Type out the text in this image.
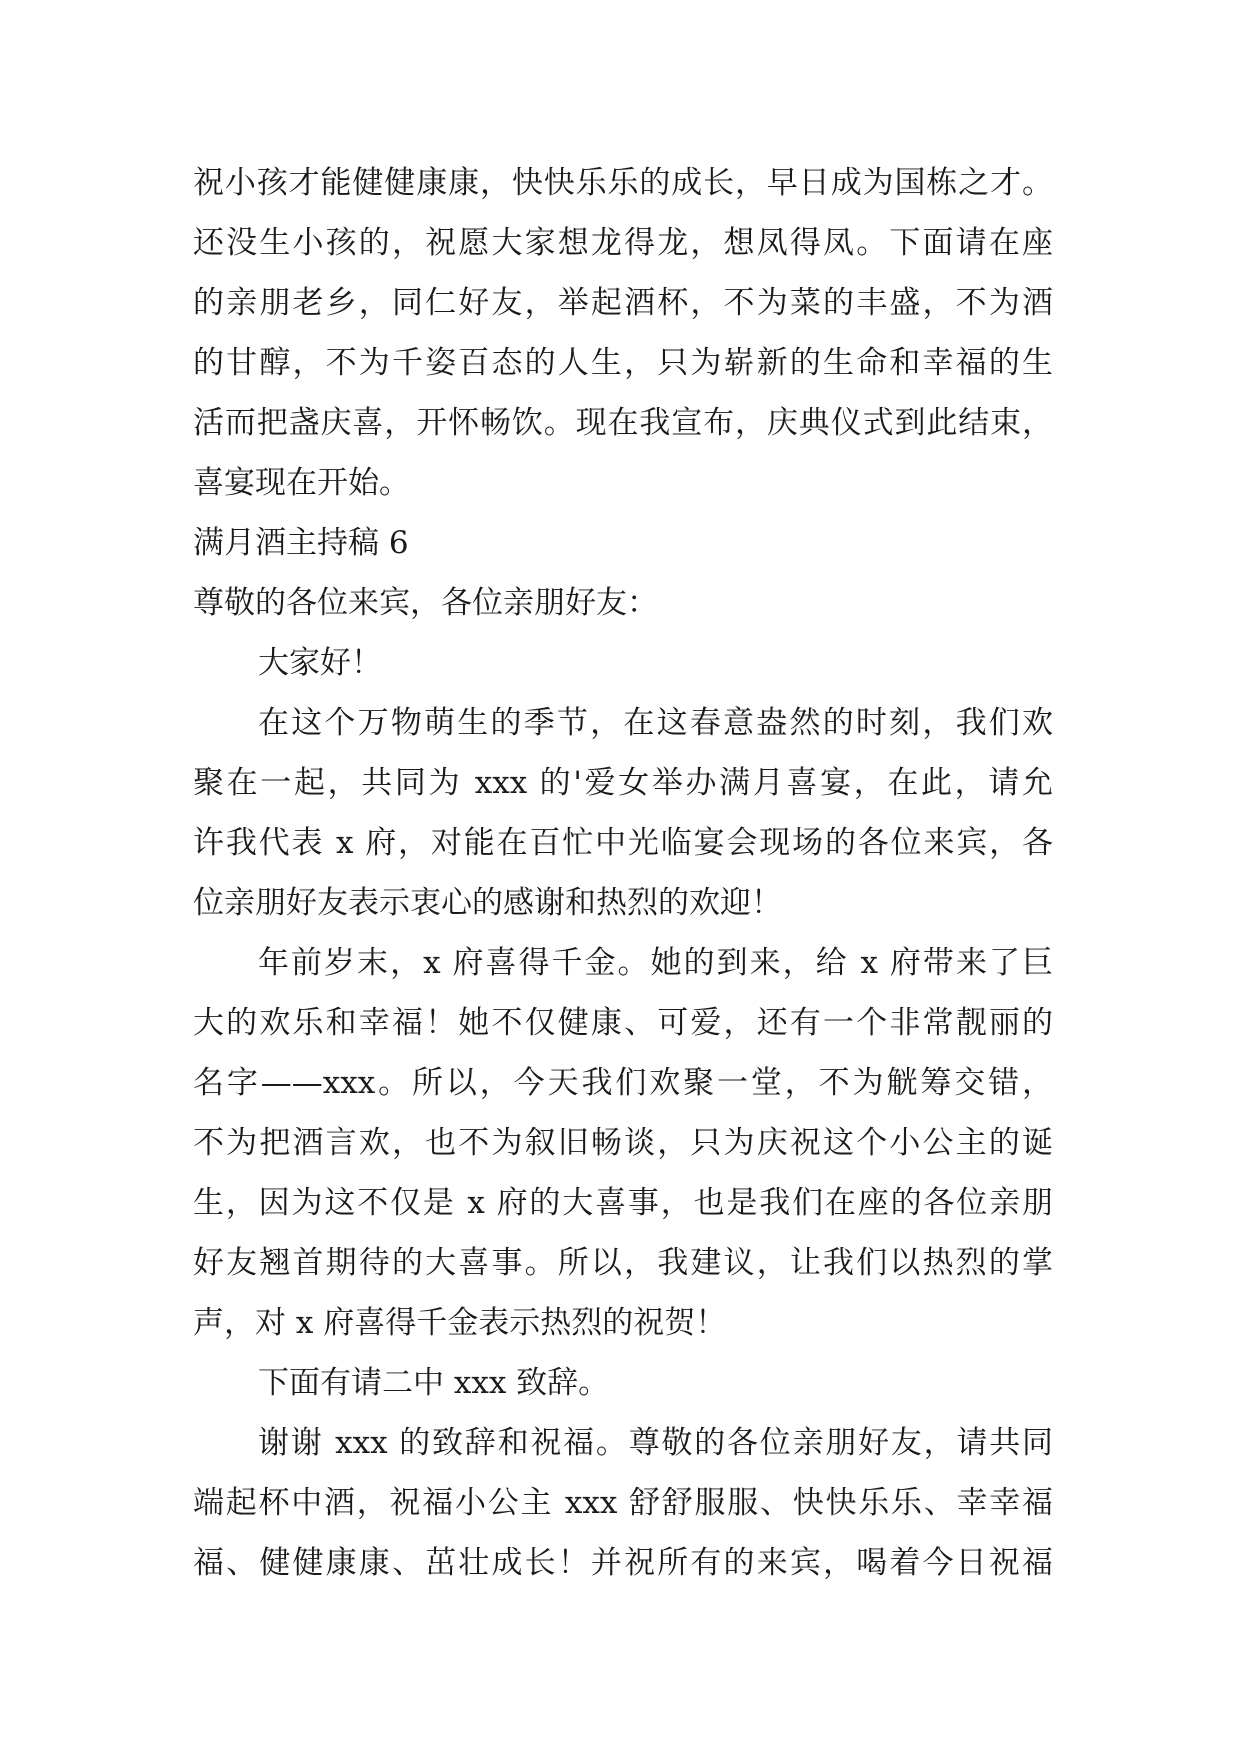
祝小孩才能健健康康，快快乐乐的成长，早日成为国栋之才。
还没生小孩的，祝愿大家想龙得龙，想凤得凤。下面请在座
的亲朋老乡，同仁好友，举起酒杯，不为菜的丰盛，不为酒
的甘醇，不为千姿百态的人生，只为崭新的生命和幸福的生
活而把盏庆喜，开怀畅饮。现在我宣布，庆典仪式到此结束，
喜宴现在开始。
满月酒主持稿 6
尊敬的各位来宾，各位亲朋好友：
大家好！
在这个万物萌生的季节，在这春意盎然的时刻，我们欢
聚在一起，共同为 xxx 的'爱女举办满月喜宴，在此，请允
许我代表 x 府，对能在百忙中光临宴会现场的各位来宾，各
位亲朋好友表示衷心的感谢和热烈的欢迎！
年前岁末，x 府喜得千金。她的到来，给 x 府带来了巨
大的欢乐和幸福！她不仅健康、可爱，还有一个非常靓丽的
名字——xxx。所以，今天我们欢聚一堂，不为觥筹交错，
不为把酒言欢，也不为叙旧畅谈，只为庆祝这个小公主的诞
生，因为这不仅是 x 府的大喜事，也是我们在座的各位亲朋
好友翘首期待的大喜事。所以，我建议，让我们以热烈的掌
声，对 x 府喜得千金表示热烈的祝贺！
下面有请二中 xxx 致辞。
谢谢 xxx 的致辞和祝福。尊敬的各位亲朋好友，请共同
端起杯中酒，祝福小公主 xxx 舒舒服服、快快乐乐、幸幸福
福、健健康康、茁壮成长！并祝所有的来宾，喝着今日祝福
